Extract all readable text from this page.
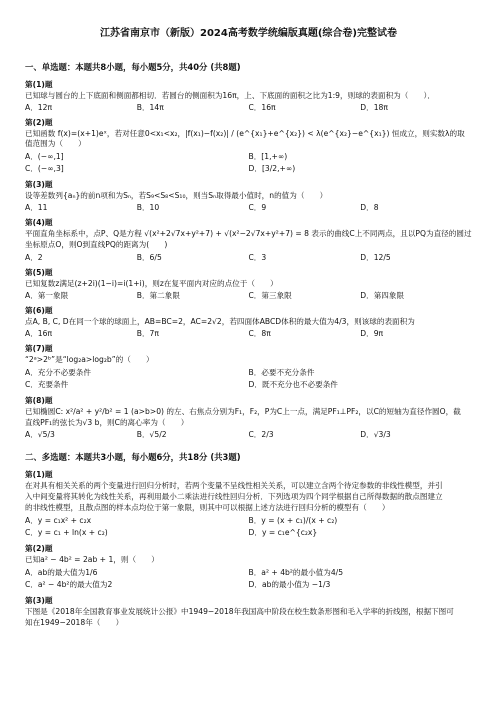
江苏省南京市（新版）2024高考数学统编版真题(综合卷)完整试卷
一、单选题：本题共8小题，每小题5分，共40分 (共8题)
第(1)题
已知球与圆台的上下底面和侧面都相切．若圆台的侧面积为16π，上、下底面的面积之比为1:9，则球的表面积为（　　）．
A．12π	B．14π	C．16π	D．18π
第(2)题
已知函数 f(x)=(x+1)eˣ，若对任意0<x₁<x₂，|f(x₁)−f(x₂)| / (e^{x₁}+e^{x₂}) < λ(e^{x₂}−e^{x₁}) 恒成立，则实数λ的取值范围为（　　）
A．(−∞,1]	B．[1,+∞)
C．(−∞,3]	D．[3/2,+∞)
第(3)题
设等差数列{aₙ}的前n项和为Sₙ，若S₉<S₈<S₁₀，则当Sₙ取得最小值时，n的值为（　　）
A．11	B．10	C．9	D．8
第(4)题
平面直角坐标系中，点P、Q是方程 √(x²+2√7x+y²+7) + √(x²−2√7x+y²+7) = 8 表示的曲线C上不同两点，且以PQ为直径的圆过
坐标原点O，则O到直线PQ的距离为(　　)
A．2	B．6/5	C．3	D．12/5
第(5)题
已知复数z满足(z+2i)(1−i)=i(1+i)，则z在复平面内对应的点位于（　　）
A．第一象限	B．第二象限	C．第三象限	D．第四象限
第(6)题
点A, B, C, D在同一个球的球面上，AB=BC=2，AC=2√2，若四面体ABCD体积的最大值为4/3，则该球的表面积为
A．16π	B．7π	C．8π	D．9π
第(7)题
“2ᵃ>2ᵇ”是“log₂a>log₂b”的（　　）
A．充分不必要条件	B．必要不充分条件
C．充要条件	D．既不充分也不必要条件
第(8)题
已知椭圆C: x²/a² + y²/b² = 1 (a>b>0) 的左、右焦点分别为F₁，F₂，P为C上一点，满足PF₁⊥PF₂，以C的短轴为直径作圆O，截
直线PF₁的弦长为√3 b，则C的离心率为（　　）
A．√5/3	B．√5/2	C．2/3	D．√3/3
二、多选题：本题共3小题，每小题6分，共18分 (共3题)
第(1)题
在对具有相关关系的两个变量进行回归分析时，若两个变量不呈线性相关关系，可以建立含两个待定参数的非线性模型，并引
入中间变量将其转化为线性关系，再利用最小二乘法进行线性回归分析．下列选项为四个同学根据自己所得数据的散点图建立
的非线性模型，且散点图的样本点均位于第一象限，则其中可以根据上述方法进行回归分析的模型有（　　）
A．y = c₁x² + c₂x	B．y = (x + c₁)/(x + c₂)
C．y = c₁ + ln(x + c₂)	D．y = c₁e^{c₂x}
第(2)题
已知a² − 4b² = 2ab + 1，则（　　）
A．ab的最大值为1/6	B．a² + 4b²的最小值为4/5
C．a² − 4b²的最大值为2	D．ab的最小值为 −1/3
第(3)题
下图是《2018年全国教育事业发展统计公报》中1949−2018年我国高中阶段在校生数条形图和毛入学率的折线图，根据下图可
知在1949−2018年（　　）
